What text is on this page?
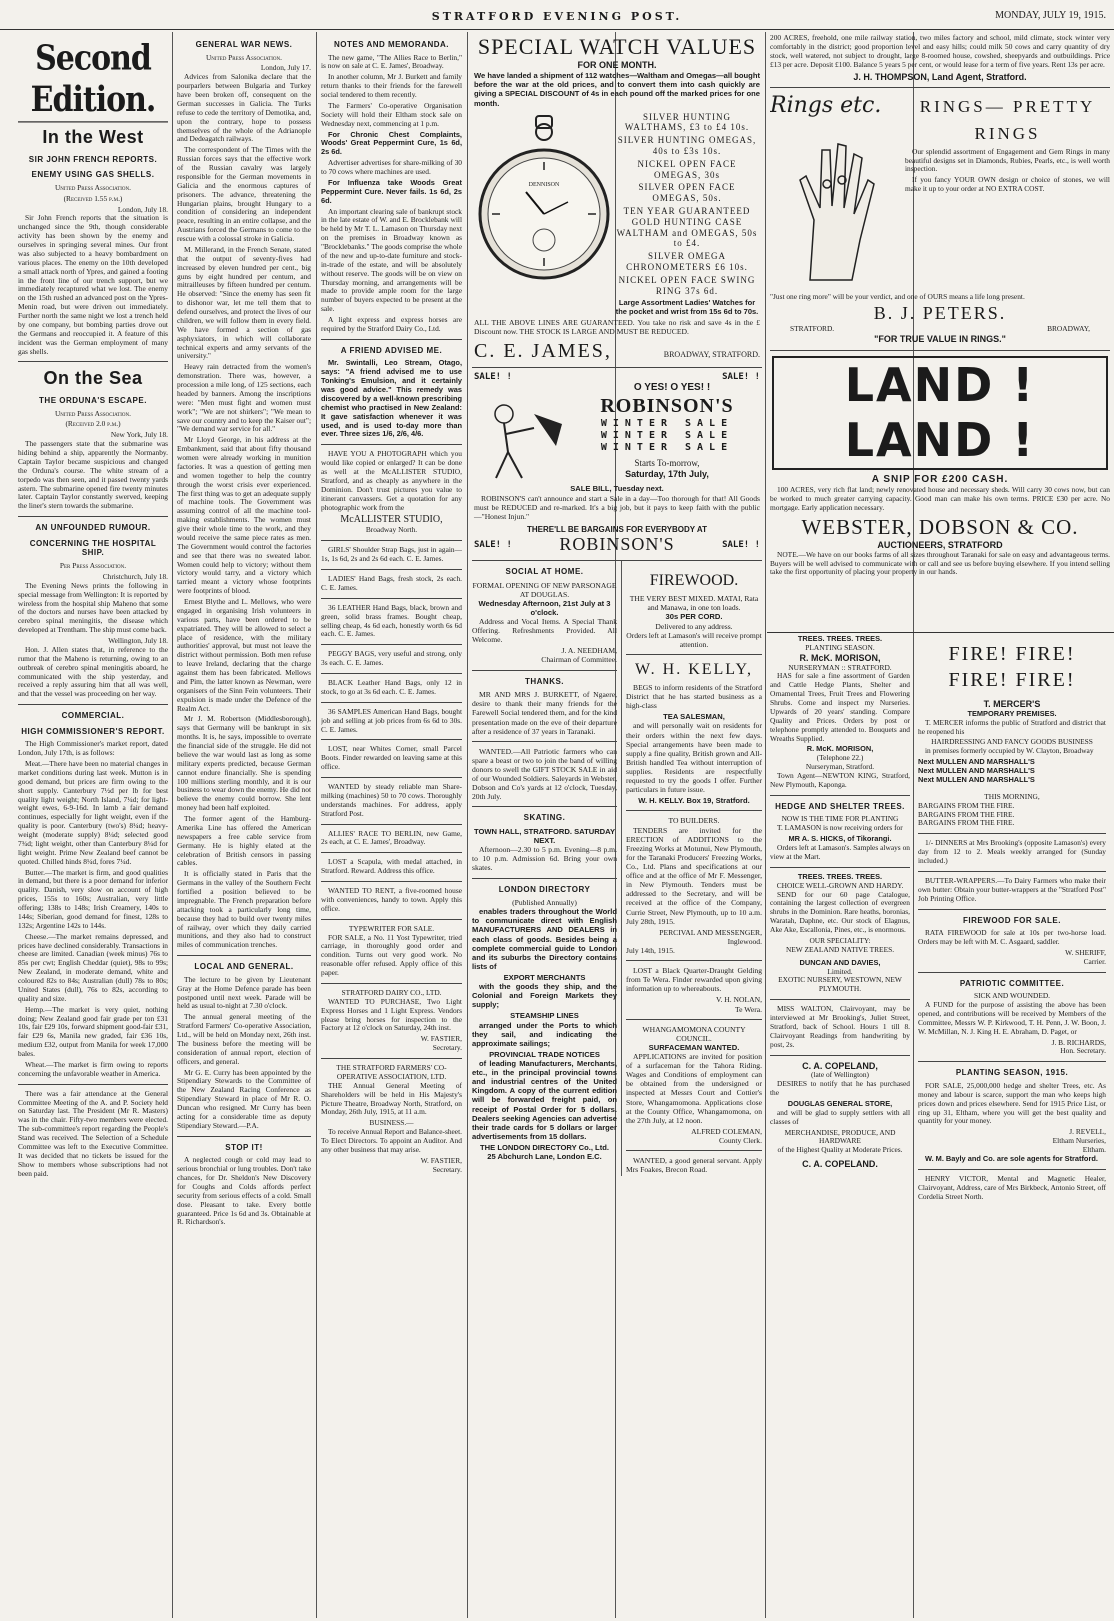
STRATFORD EVENING POST.	MONDAY, JULY 19, 1915.
Second Edition.
In the West
SIR JOHN FRENCH REPORTS.
ENEMY USING GAS SHELLS.
United Press Association.
(Received 1.55 p.m.)
London, July 18.

Sir John French reports that the situation is unchanged since the 9th, though considerable activity has been shown by the enemy and ourselves in springing several mines. Our front was also subjected to a heavy bombardment on various places. The enemy on the 10th developed a small attack north of Ypres, and gained a footing in the front line of our trench support, but we immediately recaptured what we lost. The enemy on the 15th rushed an advanced post on the Ypres-Menin road, but were driven out immediately. Further north the same night we lost a trench held by one company, but bombing parties drove out the Germans and reoccupied it. A feature of this incident was the German employment of many gas shells.

On the Sea
THE ORDUNA'S ESCAPE.
United Press Association.
(Received 2.0 p.m.)
New York, July 18.

The passengers state that the submarine was hiding behind a ship, apparently the Normanby. Captain Taylor became suspicious and changed the Orduna's course. The white stream of a torpedo was then seen, and it passed twenty yards astern. The submarine opened fire twenty minutes later. Captain Taylor constantly swerved, keeping the liner's stern towards the submarine.

AN UNFOUNDED RUMOUR.
CONCERNING THE HOSPITAL SHIP.
Per Press Association.
Christchurch, July 18.

The Evening News prints the following in special message from Wellington: It is reported by wireless from the hospital ship Maheno that some of the doctors and nurses have been attacked by cerebro spinal meningitis, the disease which developed at Trentham. The ship must come back.

Wellington, July 18.

Hon. J. Allen states that, in reference to the rumor that the Maheno is returning, owing to an outbreak of cerebro spinal meningitis aboard, he communicated with the ship yesterday, and received a reply assuring him that all was well, and that the vessel was proceeding on her way.

COMMERCIAL.
HIGH COMMISSIONER'S REPORT.

The High Commissioner's market report, dated London, July 17th, is as follows:

Meat.—There have been no material changes in market conditions during last week. Mutton is in good demand, but prices are firm owing to the short supply. Canterbury 7½d per lb for best quality light weight; North Island, 7¼d; for light-weight ewes, 6-9-16d. In lamb a fair demand continues, especially for light weight, even if the quality is poor. Canterbury (two's) 8¼d; heavy-weight (moderate supply) 8¼d; selected good 7¾d; light weight, other than Canterbury 8¼d for light weight. Prime New Zealand beef cannot be quoted. Chilled hinds 8¼d, fores 7¼d.

Butter.—The market is firm, and good qualities in demand, but there is a poor demand for inferior quality. Danish, very slow on account of high prices, 155s to 160s; Australian, very little offering; 138s to 148s; Irish Creamery, 140s to 144s; Siberian, good demand for finest, 128s to 132s; Argentine 142s to 144s.

Cheese.—The market remains depressed, and prices have declined considerably. Transactions in cheese are limited. Canadian (week minus) 76s to 85s per cwt; English Cheddar (quiet), 98s to 99s; New Zealand, in moderate demand, white and coloured 82s to 84s; Australian (dull) 78s to 80s; United States (dull), 76s to 82s, according to quality and size.

Hemp.—The market is very quiet, nothing doing; New Zealand good fair grade per ton £31 10s, fair £29 10s, forward shipment good-fair £31, fair £29 6s, Manila new graded, fair £36 10s, medium £32, output from Manila for week 17,000 bales.

Wheat.—The market is firm owing to reports concerning the unfavorable weather in America.

There was a fair attendance at the General Committee Meeting of the A. and P. Society held on Saturday last. The President (Mr R. Masters) was in the chair. Fifty-two members were elected. The sub-committee's report regarding the People's Stand was received. The Selection of a Schedule Committee was left to the Executive Committee. It was decided that no tickets be issued for the Show to members whose subscriptions had not been paid.

GENERAL WAR NEWS.
United Press Association.
London, July 17.

Advices from Salonika declare that the pourparlers between Bulgaria and Turkey have been broken off, consequent on the German successes in Galicia. The Turks refuse to cede the territory of Demotika, and, upon the contrary, hope to possess themselves of the whole of the Adrianople and Dedeagatch railways.

The correspondent of The Times with the Russian forces says that the effective work of the Russian cavalry was largely responsible for the German movements in Galicia and the enormous captures of prisoners. The advance, threatening the Hungarian plains, brought Hungary to a condition of considering an independent peace, resulting in an entire collapse, and the Austrians forced the Germans to come to the rescue with a colossal stroke in Galicia.

M. Millerand, in the French Senate, stated that the output of seventy-fives had increased by eleven hundred per cent., big guns by eight hundred per centum, and mitrailleuses by fifteen hundred per centum. He observed: "Since the enemy has seen fit to dishonor war, let me tell them that to defend ourselves, and protect the lives of our children, we will follow them in every field. We have formed a section of gas asphyxiators, in which will collaborate technical experts and army servants of the university."

Heavy rain detracted from the women's demonstration. There was, however, a procession a mile long, of 125 sections, each headed by banners. Among the inscriptions were: "Men must fight and women must work"; "We are not shirkers"; "We mean to save our country and to keep the Kaiser out"; "We demand war service for all."

Mr Lloyd George, in his address at the Embankment, said that about fifty thousand women were already working in munition factories. It was a question of getting men and women together to help the country through the worst crisis ever experienced. The first thing was to get an adequate supply of machine tools. The Government was assuming control of all the machine tool-making establishments. The women must give their whole time to the work, and they would receive the same piece rates as men. The Government would control the factories and see that there was no sweated labor. Women could help to victory; without them victory would tarry, and a victory which tarried meant a victory whose footprints were footprints of blood.

Ernest Blythe and L. Mellows, who were engaged in organising Irish volunteers in various parts, have been ordered to be expatriated. They will be allowed to select a place of residence, with the military authorities' approval, but must not leave the district without permission. Both men refuse to leave Ireland, declaring that the charge against them has been fabricated. Mellows and Pim, the latter known as Newman, were organisers of the Sinn Fein volunteers. Their expulsion is made under the Defence of the Realm Act.

Mr J. M. Robertson (Middlesborough), says that Germany will be bankrupt in six months. It is, he says, impossible to overrate the financial side of the struggle. He did not believe the war would last as long as some military experts predicted, because German cannot endure financially. She is spending 100 millions sterling monthly, and it is our business to wear down the enemy. He did not believe the enemy could borrow. She lent money had been half exploited.

The former agent of the Hamburg-Amerika Line has offered the American newspapers a free cable service from Germany. He is highly elated at the celebration of British censors in passing cables.

It is officially stated in Paris that the Germans in the valley of the Southern Fecht fortified a position believed to be impregnable. The French preparation before attacking took a particularly long time, because they had to build over twenty miles of railway, over which they daily carried munitions, and they also had to construct miles of communication trenches.

LOCAL AND GENERAL.

The lecture to be given by Lieutenant Gray at the Home Defence parade has been postponed until next week. Parade will be held as usual to-night at 7.30 o'clock.

The annual general meeting of the Stratford Farmers' Co-operative Association, Ltd., will be held on Monday next, 26th inst. The business before the meeting will be consideration of annual report, election of officers, and general.

Mr G. E. Curry has been appointed by the Stipendiary Stewards to the Committee of the New Zealand Racing Conference as Stipendiary Steward in place of Mr R. O. Duncan who resigned. Mr Curry has been acting for a considerable time as deputy Stipendiary Steward.—P.A.

STOP IT!

A neglected cough or cold may lead to serious bronchial or lung troubles. Don't take chances, for Dr. Sheldon's New Discovery for Coughs and Colds affords perfect security from serious effects of a cold. Small dose. Pleasant to take. Every bottle guaranteed. Price 1s 6d and 3s. Obtainable at R. Richardson's.

NOTES AND MEMORANDA.

The new game, "The Allies Race to Berlin," is now on sale at C. E. James', Broadway.

In another column, Mr J. Burkett and family return thanks to their friends for the farewell social tendered to them recently.

The Farmers' Co-operative Organisation Society will hold their Eltham stock sale on Wednesday next, commencing at 1 p.m.

For Chronic Chest Complaints, Woods' Great Peppermint Cure, 1s 6d, 2s 6d.

Advertiser advertises for share-milking of 30 to 70 cows where machines are used.

For Influenza take Woods Great Peppermint Cure. Never fails. 1s 6d, 2s 6d.

An important clearing sale of bankrupt stock in the late estate of W. and E. Brocklebank will be held by Mr T. L. Lamason on Thursday next on the premises in Broadway known as "Brocklebanks." The goods comprise the whole of the new and up-to-date furniture and stock-in-trade of the estate, and will be absolutely without reserve. The goods will be on view on Thursday morning, and arrangements will be made to provide ample room for the large number of buyers expected to be present at the sale.

A light express and express horses are required by the Stratford Dairy Co., Ltd.

A FRIEND ADVISED ME.

Mr. Swintalli, Leo Stream, Otago, says: "A friend advised me to use Tonking's Emulsion, and it certainly was good advice." This remedy was discovered by a well-known prescribing chemist who practised in New Zealand: It gave satisfaction whenever it was used, and is used to-day more than ever. Three sizes 1/6, 2/6, 4/6.

HAVE YOU A PHOTOGRAPH which you would like copied or enlarged? It can be done as well at the McALLISTER STUDIO, Stratford, and as cheaply as anywhere in the Dominion. Don't trust pictures you value to itinerant canvassers. Get a quotation for any photographic work from the

McALLISTER STUDIO,
Broadway North.

GIRLS' Shoulder Strap Bags, just in again—1s, 1s 6d, 2s and 2s 6d each. C. E. James.

LADIES' Hand Bags, fresh stock, 2s each. C. E. James.

36 LEATHER Hand Bags, black, brown and green, solid brass frames. Bought cheap, selling cheap, 4s 6d each, honestly worth 6s 6d each. C. E. James.

PEGGY BAGS, very useful and strong, only 3s each. C. E. James.

BLACK Leather Hand Bags, only 12 in stock, to go at 3s 6d each. C. E. James.

36 SAMPLES American Hand Bags, bought job and selling at job prices from 6s 6d to 30s. C. E. James.

LOST, near Whites Corner, small Parcel Boots. Finder rewarded on leaving same at this office.

WANTED by steady reliable man Share-milking (machines) 50 to 70 cows. Thoroughly understands machines. For address, apply Stratford Post.

ALLIES' RACE TO BERLIN, new Game, 2s each, at C. E. James', Broadway.

LOST a Scapula, with medal attached, in Stratford. Reward. Address this office.

WANTED TO RENT, a five-roomed house with conveniences, handy to town. Apply this office.

TYPEWRITER FOR SALE.

FOR SALE, a No. 11 Yost Typewriter, tried carriage, in thoroughly good order and condition. Turns out very good work. No reasonable offer refused. Apply office of this paper.

STRATFORD DAIRY CO., LTD.

WANTED TO PURCHASE, Two Light Express Horses and 1 Light Express. Vendors please bring horses for inspection to the Factory at 12 o'clock on Saturday, 24th inst.

W. FASTIER,
Secretary.
THE STRATFORD FARMERS' CO-OPERATIVE ASSOCIATION, LTD.

THE Annual General Meeting of Shareholders will be held in His Majesty's Picture Theatre, Broadway North, Stratford, on Monday, 26th July, 1915, at 11 a.m.

BUSINESS.—

To receive Annual Report and Balance-sheet. To Elect Directors. To appoint an Auditor. And any other business that may arise.

W. FASTIER,
Secretary.
SPECIAL WATCH VALUES
FOR ONE MONTH.

We have landed a shipment of 112 watches—Waltham and Omegas—all bought before the war at the old prices, and to convert them into cash quickly are giving a SPECIAL DISCOUNT of 4s in each pound off the marked prices for one month.

DENNISON
SILVER HUNTING WALTHAMS, £3 to £4 10s.
SILVER HUNTING OMEGAS, 40s to £3s 10s.
NICKEL OPEN FACE OMEGAS, 30s
SILVER OPEN FACE OMEGAS, 50s.
TEN YEAR GUARANTEED GOLD HUNTING CASE WALTHAM and OMEGAS, 50s to £4.
SILVER OMEGA CHRONOMETERS £6 10s.
NICKEL OPEN FACE SWING RING 37s 6d.
Large Assortment Ladies' Watches for the pocket and wrist from 15s 6d to 70s.

ALL THE ABOVE LINES ARE GUARANTEED. You take no risk and save 4s in the £ Discount now. THE STOCK IS LARGE AND MUST BE REDUCED.

C. E. JAMES,	BROADWAY, STRATFORD.
SALE! !	SALE! !
O YES! O YES! !
ROBINSON'S
WINTER SALE
WINTER SALE
WINTER SALE
Starts To-morrow,
Saturday, 17th July,
SALE BILL, Tuesday next.

ROBINSON'S can't announce and start a Sale in a day—Too thorough for that! All Goods must be REDUCED and re-marked. It's a big job, but it pays to keep faith with the public—"Honest Injun."

THERE'LL BE BARGAINS FOR EVERYBODY AT
SALE! !	ROBINSON'S	SALE! !
SOCIAL AT HOME.
FORMAL OPENING OF NEW PARSONAGE AT DOUGLAS.
Wednesday Afternoon, 21st July at 3 o'clock.

Address and Vocal Items. A Special Thank Offering. Refreshments Provided. All Welcome.

J. A. NEEDHAM,
Chairman of Committee.
THANKS.

MR AND MRS J. BURKETT, of Ngaere, desire to thank their many friends for the Farewell Social tendered them, and for the kind presentation made on the eve of their departure after a residence of 37 years in Taranaki.

WANTED.—All Patriotic farmers who can spare a beast or two to join the band of willing donors to swell the GIFT STOCK SALE in aid of our Wounded Soldiers. Saleyards in Webster, Dobson and Co's yards at 12 o'clock, Tuesday, 20th July.

SKATING.
TOWN HALL, STRATFORD. SATURDAY NEXT.

Afternoon—2.30 to 5 p.m. Evening—8 p.m. to 10 p.m. Admission 6d. Bring your own skates.

LONDON DIRECTORY
(Published Annually)

enables traders throughout the World to communicate direct with English MANUFACTURERS AND DEALERS in each class of goods. Besides being a complete commercial guide to London and its suburbs the Directory contains lists of

EXPORT MERCHANTS

with the goods they ship, and the Colonial and Foreign Markets they supply;

STEAMSHIP LINES

arranged under the Ports to which they sail, and indicating the approximate sailings;

PROVINCIAL TRADE NOTICES

of leading Manufacturers, Merchants, etc., in the principal provincial towns and industrial centres of the United Kingdom. A copy of the current edition will be forwarded freight paid, on receipt of Postal Order for 5 dollars. Dealers seeking Agencies can advertise their trade cards for 5 dollars or larger advertisements from 15 dollars.

THE LONDON DIRECTORY Co., Ltd.
25 Abchurch Lane, London E.C.
FIREWOOD.
THE VERY BEST MIXED. MATAI, Rata and Manawa, in one ton loads.
30s PER CORD.
Delivered to any address.
Orders left at Lamason's will receive prompt attention.
W. H. KELLY,

BEGS to inform residents of the Stratford District that he has started business as a high-class

TEA SALESMAN,

and will personally wait on residents for their orders within the next few days. Special arrangements have been made to supply a fine quality, British grown and All-British handled Tea without interruption of supplies. Residents are respectfully requested to try the goods I offer. Further particulars in future issue.

W. H. KELLY. Box 19, Stratford.
TO BUILDERS.

TENDERS are invited for the ERECTION of ADDITIONS to the Freezing Works at Motunui, New Plymouth, for the Taranaki Producers' Freezing Works, Co., Ltd. Plans and specifications at our office and at the office of Mr F. Messenger, in New Plymouth. Tenders must be addressed to the Secretary, and will be received at the office of the Company, Currie Street, New Plymouth, up to 10 a.m. July 28th, 1915.

PERCIVAL AND MESSENGER,
Inglewood.
July 14th, 1915.

LOST a Black Quarter-Draught Gelding from Te Wera. Finder rewarded upon giving information up to whereabouts.

V. H. NOLAN,
Te Wera.
WHANGAMOMONA COUNTY COUNCIL.
SURFACEMAN WANTED.

APPLICATIONS are invited for position of a surfaceman for the Tahora Riding. Wages and Conditions of employment can be obtained from the undersigned or inspected at Messrs Court and Cottier's Store, Whangamomona. Applications close at the County Office, Whangamomona, on the 27th July, at 12 noon.

ALFRED COLEMAN,
County Clerk.

WANTED, a good general servant. Apply Mrs Foakes, Brecon Road.

200 ACRES, freehold, one mile railway station, two miles factory and school, mild climate, stock winter very comfortably in the district; good proportion level and easy hills; could milk 50 cows and carry quantity of dry stock, well watered, not subject to drought, large 8-roomed house, cowshed, sheepyards and outbuildings. Price £13 per acre. Deposit £100. Balance 5 years 5 per cent, or would lease for a term of five years. Rent 13s per acre.

J. H. THOMPSON, Land Agent, Stratford.
Rings etc.	RINGS— PRETTY RINGS

Our splendid assortment of Engagement and Gem Rings in many beautiful designs set in Diamonds, Rubies, Pearls, etc., is well worth inspection.

If you fancy YOUR OWN design or choice of stones, we will make it up to your order at NO EXTRA COST.

"Just one ring more" will be your verdict, and one of OURS means a life long present.

B. J. PETERS.
STRATFORD.	BROADWAY,
"FOR TRUE VALUE IN RINGS."
LAND ! LAND !
A SNIP FOR £200 CASH.

100 ACRES, very rich flat land; newly renovated house and necessary sheds. Will carry 30 cows now, but can be worked to much greater carrying capacity. Good man can make his own terms. PRICE £30 per acre. No mortgage. Early application necessary.

WEBSTER, DOBSON & CO.
AUCTIONEERS, STRATFORD

NOTE.—We have on our books farms of all sizes throughout Taranaki for sale on easy and advantageous terms. Buyers will be well advised to communicate with or call and see us before buying elsewhere. If you intend selling take the first opportunity of placing your property in our hands.

TREES. TREES. TREES.
PLANTING SEASON.
R. McK. MORISON,
NURSERYMAN :: STRATFORD.

HAS for sale a fine assortment of Garden and Cattle Hedge Plants, Shelter and Ornamental Trees, Fruit Trees and Flowering Shrubs. Come and inspect my Nurseries. Upwards of 20 years' standing. Compare Quality and Prices. Orders by post or telephone promptly attended to. Bouquets and Wreaths Supplied.

R. McK. MORISON,
(Telephone 22.)
Nurseryman, Stratford.

Town Agent—NEWTON KING, Stratford, New Plymouth, Kaponga.

HEDGE AND SHELTER TREES.
NOW IS THE TIME FOR PLANTING

T. LAMASON is now receiving orders for

MR A. S. HICKS, of Tikorangi.

Orders left at Lamason's. Samples always on view at the Mart.

TREES. TREES. TREES.
CHOICE WELL-GROWN AND HARDY.

SEND for our 60 page Catalogue, containing the largest collection of evergreen shrubs in the Dominion. Rare heaths, boronias, Waratah, Daphne, etc. Our stock of Elagnus, Ake Ake, Escallonia, Pines, etc., is enormous.

OUR SPECIALITY:
NEW ZEALAND NATIVE TREES.
DUNCAN AND DAVIES,
Limited.
EXOTIC NURSERY, WESTOWN, NEW PLYMOUTH.

MISS WALTON, Clairvoyant, may be interviewed at Mr Brooking's, Juliet Street, Stratford, back of School. Hours 1 till 8. Clairvoyant Readings from handwriting by post, 2s.

C. A. COPELAND,
(late of Wellington)

DESIRES to notify that he has purchased the

DOUGLAS GENERAL STORE,

and will be glad to supply settlers with all classes of

MERCHANDISE, PRODUCE, AND HARDWARE
of the Highest Quality at Moderate Prices.
C. A. COPELAND.
FIRE! FIRE! FIRE! FIRE!
T. MERCER'S
TEMPORARY PREMISES.

T. MERCER informs the public of Stratford and district that he reopened his

HAIRDRESSING AND FANCY GOODS BUSINESS

in premises formerly occupied by W. Clayton, Broadway

Next MULLEN AND MARSHALL'S
Next MULLEN AND MARSHALL'S
Next MULLEN AND MARSHALL'S
THIS MORNING,
BARGAINS FROM THE FIRE.
BARGAINS FROM THE FIRE.
BARGAINS FROM THE FIRE.

1/- DINNERS at Mrs Brooking's (opposite Lamason's) every day from 12 to 2. Meals weekly arranged for (Sunday included.)

BUTTER-WRAPPERS.—To Dairy Farmers who make their own butter: Obtain your butter-wrappers at the "Stratford Post" Job Printing Office.

FIREWOOD FOR SALE.

RATA FIREWOOD for sale at 10s per two-horse load. Orders may be left with M. C. Asgaard, saddler.

W. SHERIFF,
Carrier.
PATRIOTIC COMMITTEE.
SICK AND WOUNDED.

A FUND for the purpose of assisting the above has been opened, and contributions will be received by Members of the Committee, Messrs W. P. Kirkwood, T. H. Penn, J. W. Boon, J. W. McMillan, N. J. King H. E. Abraham, D. Paget, or

J. B. RICHARDS,
Hon. Secretary.
PLANTING SEASON, 1915.

FOR SALE, 25,000,000 hedge and shelter Trees, etc. As money and labour is scarce, support the man who keeps high prices down and prices elsewhere. Send for 1915 Price List, or ring up 31, Eltham, where you will get the best quality and quantity for your money.

J. REVELL,
Eltham Nurseries,
Eltham.

W. M. Bayly and Co. are sole agents for Stratford.

HENRY VICTOR, Mental and Magnetic Healer, Clairvoyant, Address, care of Mrs Birkbeck, Antonio Street, off Cordelia Street North.
